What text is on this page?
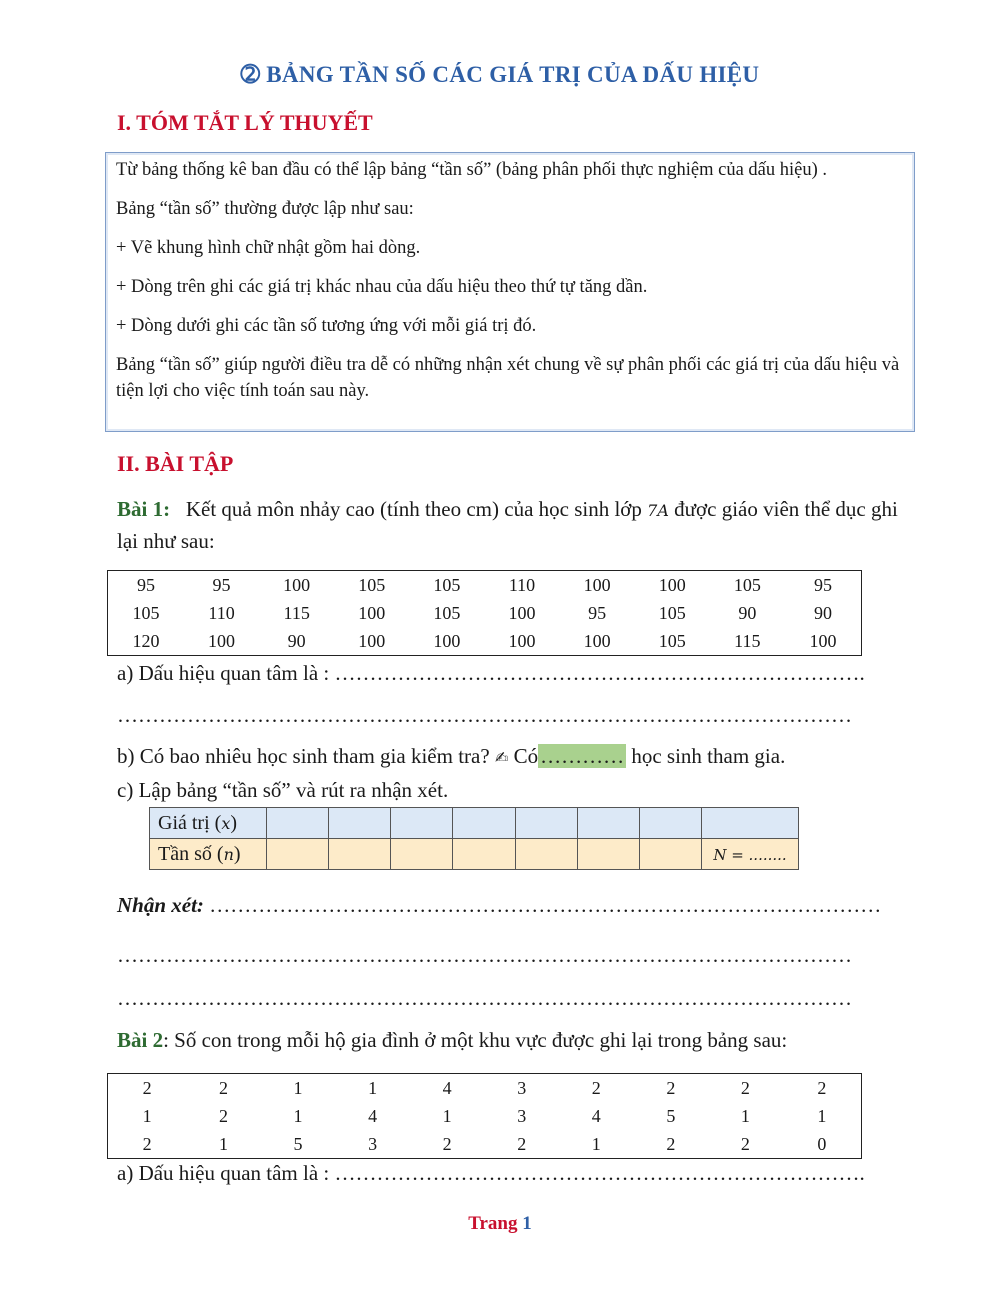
➁ BẢNG TẦN SỐ CÁC GIÁ TRỊ CỦA DẤU HIỆU
I. TÓM TẮT LÝ THUYẾT

Từ bảng thống kê ban đầu có thể lập bảng “tần số” (bảng phân phối thực nghiệm của dấu hiệu) .

Bảng “tần số” thường được lập như sau:

+ Vẽ khung hình chữ nhật gồm hai dòng.

+ Dòng trên ghi các giá trị khác nhau của dấu hiệu theo thứ tự tăng dần.

+ Dòng dưới ghi các tần số tương ứng với mỗi giá trị đó.

Bảng “tần số” giúp người điều tra dễ có những nhận xét chung về sự phân phối các giá trị của dấu hiệu và tiện lợi cho việc tính toán sau này.

II. BÀI TẬP
Bài 1: Kết quả môn nhảy cao (tính theo cm) của học sinh lớp 7A được giáo viên thể dục ghi lại như sau:
95	95	100	105	105	110	100	100	105	95
105	110	115	100	105	100	95	105	90	90
120	100	90	100	100	100	100	105	115	100
a) Dấu hiệu quan tâm là : ………………………………………………………………….
……………………………………………………………………………………………
b) Có bao nhiêu học sinh tham gia kiểm tra? ✍ Có………… học sinh tham gia.
c) Lập bảng “tần số” và rút ra nhận xét.
Giá trị (x)								
Tần số (n)								N = ........
Nhận xét: ……………………………………………………………………………………
……………………………………………………………………………………………
……………………………………………………………………………………………
Bài 2: Số con trong mỗi hộ gia đình ở một khu vực được ghi lại trong bảng sau:
2	2	1	1	4	3	2	2	2	2
1	2	1	4	1	3	4	5	1	1
2	1	5	3	2	2	1	2	2	0
a) Dấu hiệu quan tâm là : ………………………………………………………………….
Trang 1
